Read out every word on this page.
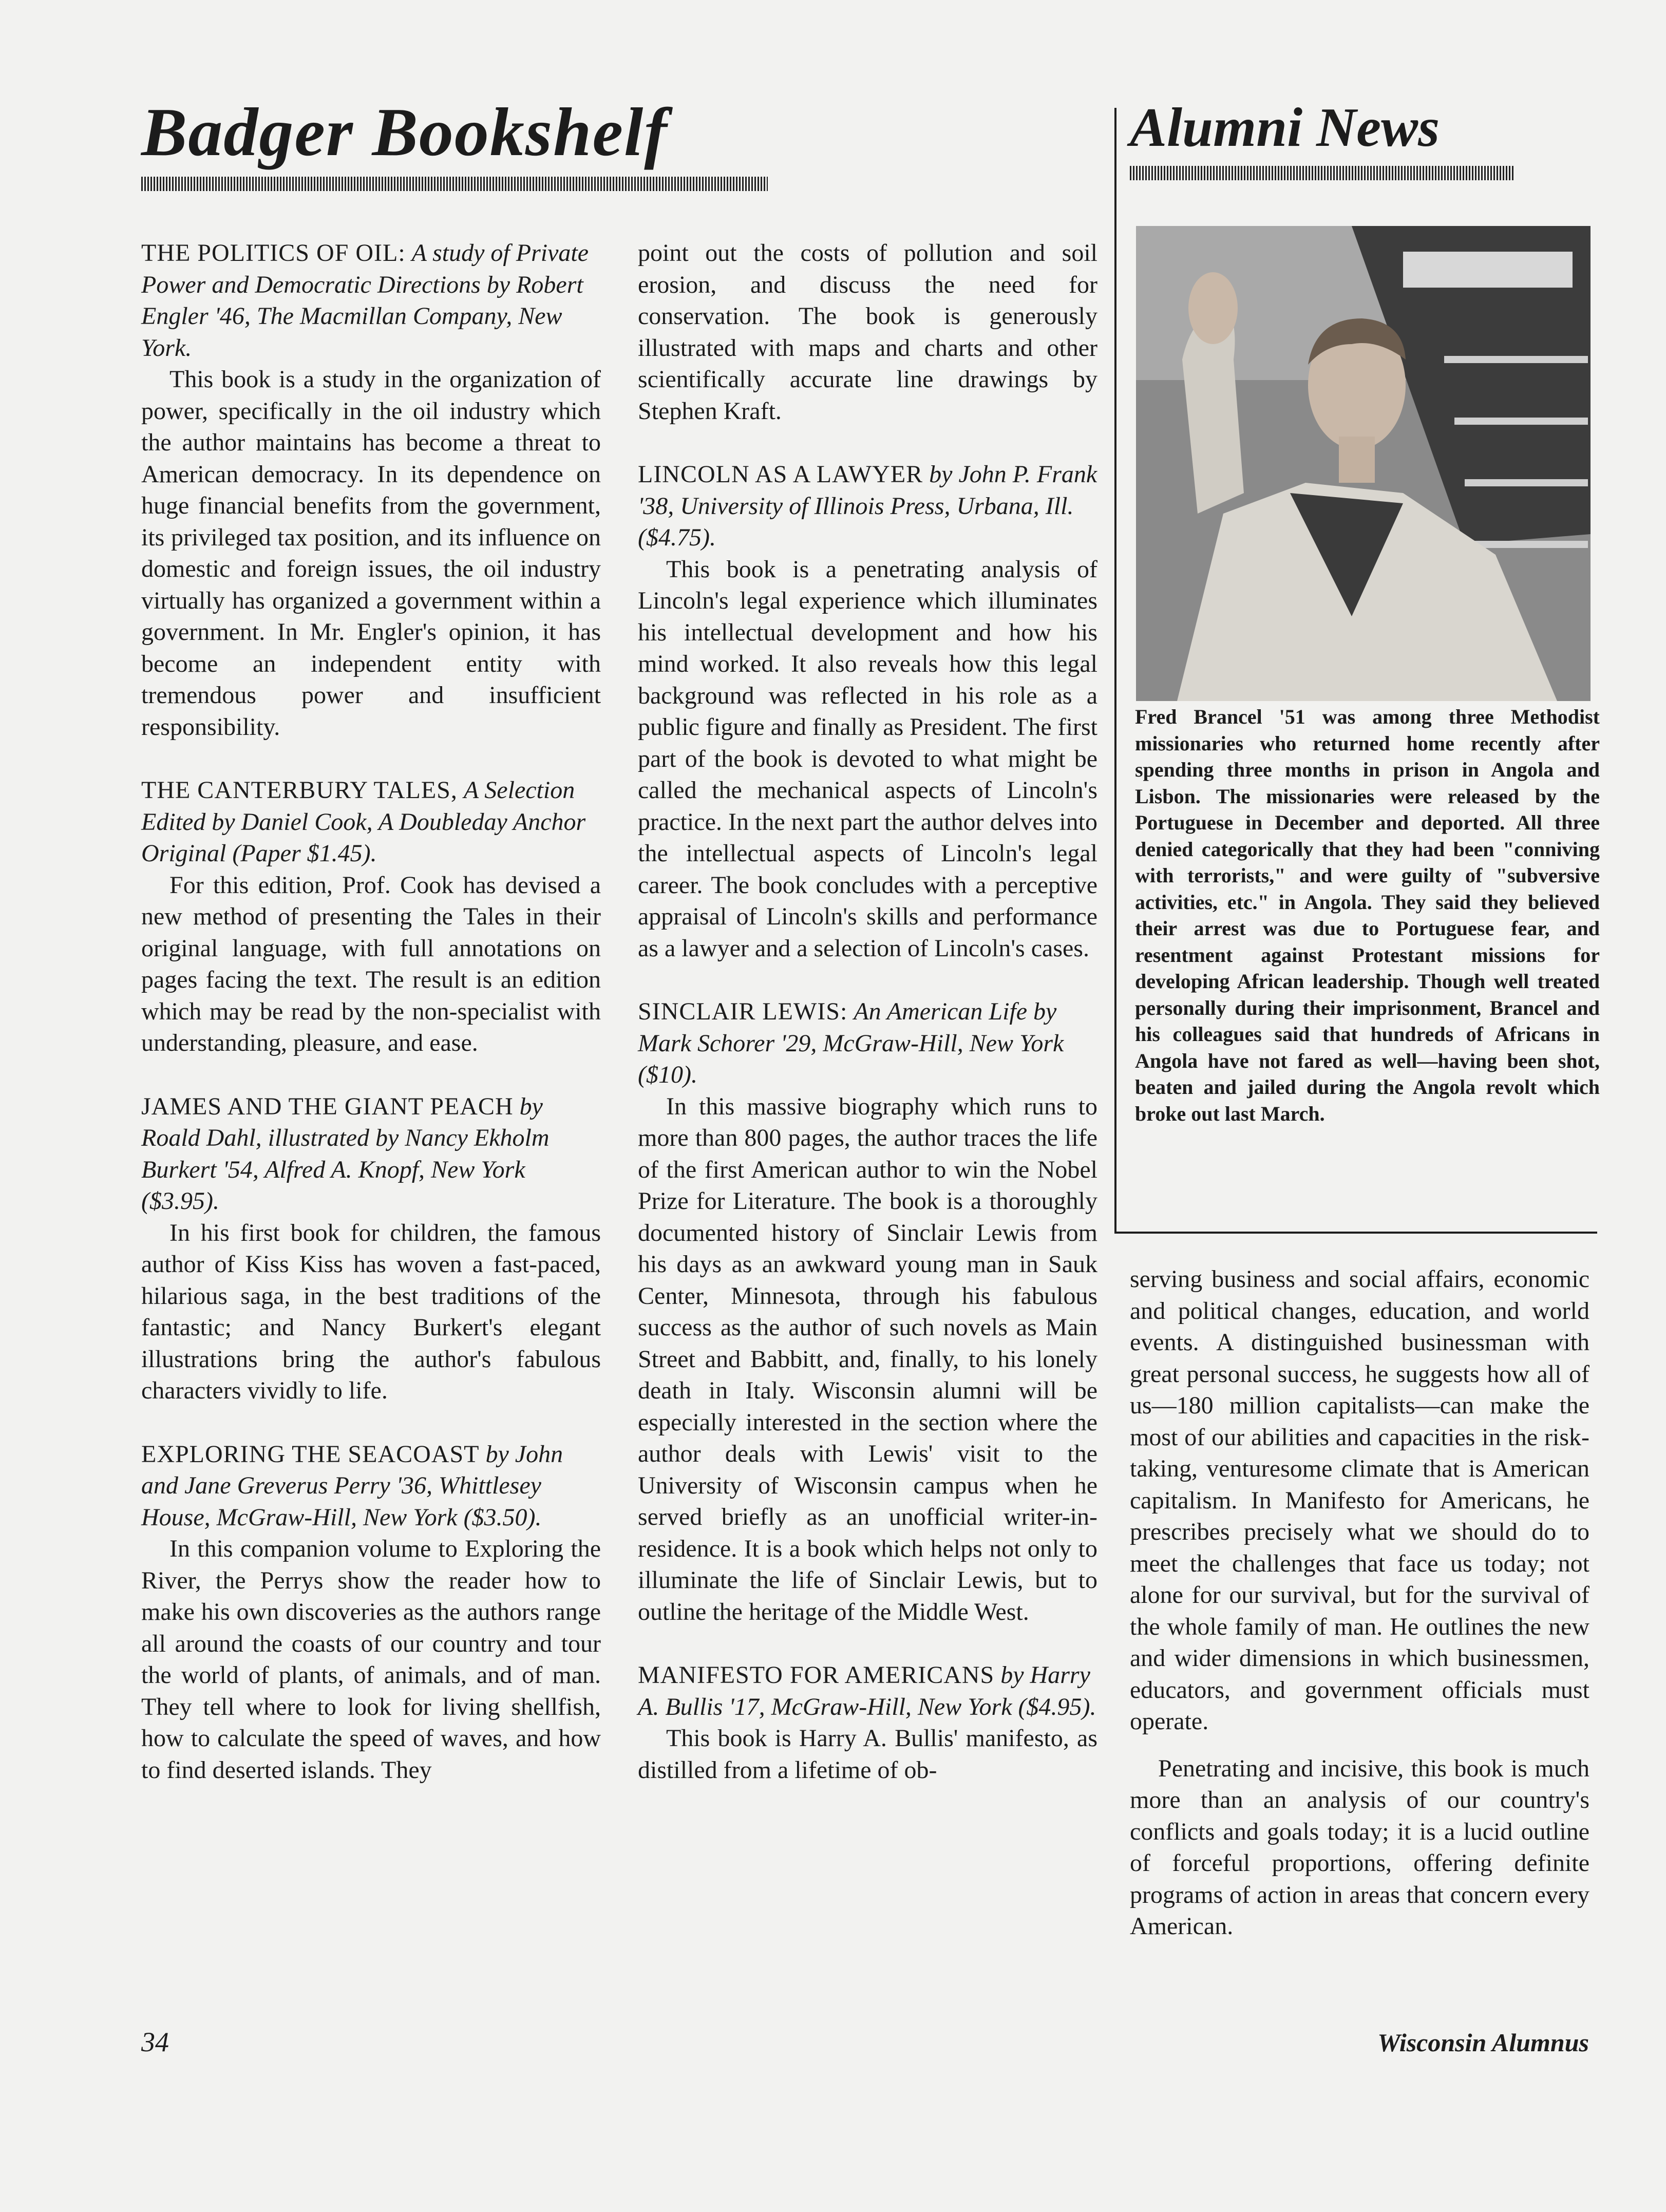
Badger Bookshelf	Alumni News

THE POLITICS OF OIL: A study of Private Power and Democratic Directions by Robert Engler '46, The Macmillan Company, New York.

This book is a study in the organization of power, specifically in the oil industry which the author maintains has become a threat to American democracy. In its dependence on huge financial benefits from the government, its privileged tax position, and its influence on domestic and foreign issues, the oil industry virtually has organized a government within a government. In Mr. Engler's opinion, it has become an independent entity with tremendous power and insufficient responsibility.

THE CANTERBURY TALES, A Selection Edited by Daniel Cook, A Doubleday Anchor Original (Paper $1.45).

For this edition, Prof. Cook has devised a new method of presenting the Tales in their original language, with full annotations on pages facing the text. The result is an edition which may be read by the non-specialist with understanding, pleasure, and ease.

JAMES AND THE GIANT PEACH by Roald Dahl, illustrated by Nancy Ekholm Burkert '54, Alfred A. Knopf, New York ($3.95).

In his first book for children, the famous author of Kiss Kiss has woven a fast-paced, hilarious saga, in the best traditions of the fantastic; and Nancy Burkert's elegant illustrations bring the author's fabulous characters vividly to life.

EXPLORING THE SEACOAST by John and Jane Greverus Perry '36, Whittlesey House, McGraw-Hill, New York ($3.50).

In this companion volume to Exploring the River, the Perrys show the reader how to make his own discoveries as the authors range all around the coasts of our country and tour the world of plants, of animals, and of man. They tell where to look for living shellfish, how to calculate the speed of waves, and how to find deserted islands. They

point out the costs of pollution and soil erosion, and discuss the need for conservation. The book is generously illustrated with maps and charts and other scientifically accurate line drawings by Stephen Kraft.

LINCOLN AS A LAWYER by John P. Frank '38, University of Illinois Press, Urbana, Ill. ($4.75).

This book is a penetrating analysis of Lincoln's legal experience which illuminates his intellectual development and how his mind worked. It also reveals how this legal background was reflected in his role as a public figure and finally as President. The first part of the book is devoted to what might be called the mechanical aspects of Lincoln's practice. In the next part the author delves into the intellectual aspects of Lincoln's legal career. The book concludes with a perceptive appraisal of Lincoln's skills and performance as a lawyer and a selection of Lincoln's cases.

SINCLAIR LEWIS: An American Life by Mark Schorer '29, McGraw-Hill, New York ($10).

In this massive biography which runs to more than 800 pages, the author traces the life of the first American author to win the Nobel Prize for Literature. The book is a thoroughly documented history of Sinclair Lewis from his days as an awkward young man in Sauk Center, Minnesota, through his fabulous success as the author of such novels as Main Street and Babbitt, and, finally, to his lonely death in Italy. Wisconsin alumni will be especially interested in the section where the author deals with Lewis' visit to the University of Wisconsin campus when he served briefly as an unofficial writer-in-residence. It is a book which helps not only to illuminate the life of Sinclair Lewis, but to outline the heritage of the Middle West.

MANIFESTO FOR AMERICANS by Harry A. Bullis '17, McGraw-Hill, New York ($4.95).

This book is Harry A. Bullis' manifesto, as distilled from a lifetime of ob-

Fred Brancel '51 was among three Methodist missionaries who returned home recently after spending three months in prison in Angola and Lisbon. The missionaries were released by the Portuguese in December and deported. All three denied categorically that they had been "conniving with terrorists," and were guilty of "subversive activities, etc." in Angola. They said they believed their arrest was due to Portuguese fear, and resentment against Protestant missions for developing African leadership. Though well treated personally during their imprisonment, Brancel and his colleagues said that hundreds of Africans in Angola have not fared as well—having been shot, beaten and jailed during the Angola revolt which broke out last March.

serving business and social affairs, economic and political changes, education, and world events. A distinguished businessman with great personal success, he suggests how all of us—180 million capitalists—can make the most of our abilities and capacities in the risk-taking, venturesome climate that is American capitalism. In Manifesto for Americans, he prescribes precisely what we should do to meet the challenges that face us today; not alone for our survival, but for the survival of the whole family of man. He outlines the new and wider dimensions in which businessmen, educators, and government officials must operate.

Penetrating and incisive, this book is much more than an analysis of our country's conflicts and goals today; it is a lucid outline of forceful proportions, offering definite programs of action in areas that concern every American.

34	Wisconsin Alumnus
